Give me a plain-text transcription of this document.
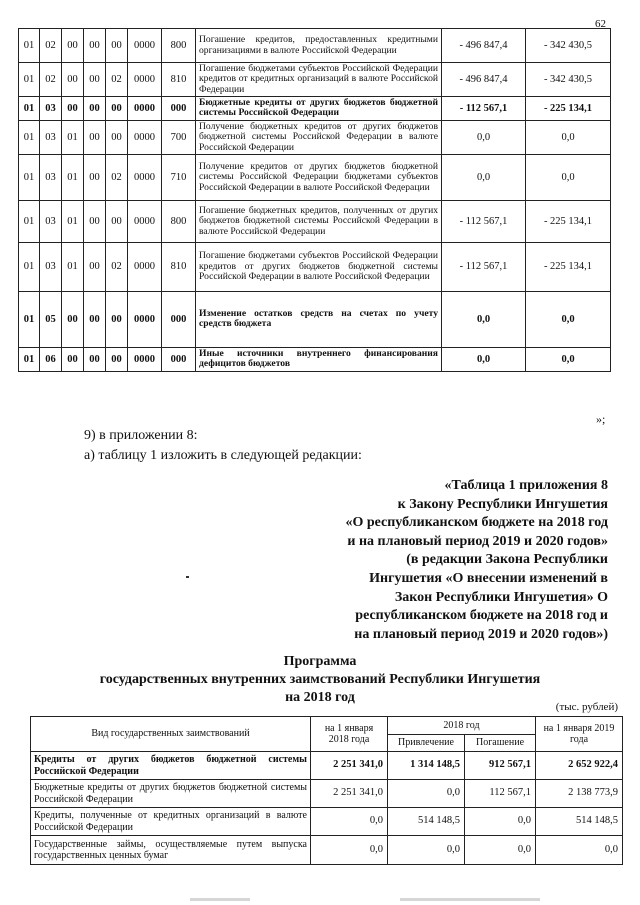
62
01	02	00	00	00	0000	800	Погашение кредитов, предоставленных кредитными организациями в валюте Российской Федерации	- 496 847,4	- 342 430,5
01	02	00	00	02	0000	810	Погашение бюджетами субъектов Российской Федерации кредитов от кредитных организаций в валюте Российской Федерации	- 496 847,4	- 342 430,5
01	03	00	00	00	0000	000	Бюджетные кредиты от других бюджетов бюджетной системы Российской Федерации	- 112 567,1	- 225 134,1
01	03	01	00	00	0000	700	Получение бюджетных кредитов от других бюджетов бюджетной системы Российской Федерации в валюте Российской Федерации	0,0	0,0
01	03	01	00	02	0000	710	Получение кредитов от других бюджетов бюджетной системы Российской Федерации бюджетами субъектов Российской Федерации в валюте Российской Федерации	0,0	0,0
01	03	01	00	00	0000	800	Погашение бюджетных кредитов, полученных от других бюджетов бюджетной системы Российской Федерации в валюте Российской Федерации	- 112 567,1	- 225 134,1
01	03	01	00	02	0000	810	Погашение бюджетами субъектов Российской Федерации кредитов от других бюджетов бюджетной системы Российской Федерации в валюте Российской Федерации	- 112 567,1	- 225 134,1
01	05	00	00	00	0000	000	Изменение остатков средств на счетах по учету средств бюджета	0,0	0,0
01	06	00	00	00	0000	000	Иные источники внутреннего финансирования дефицитов бюджетов	0,0	0,0
»;
9) в приложении 8:
а) таблицу 1 изложить в следующей редакции:
«Таблица 1 приложения 8
к Закону Республики Ингушетия
«О республиканском бюджете на 2018 год
и на плановый период 2019 и 2020 годов»
(в редакции Закона Республики
Ингушетия «О внесении изменений в
Закон Республики Ингушетия» О
республиканском бюджете на 2018 год и
на плановый период 2019 и 2020 годов»)
Программа
государственных внутренних заимствований Республики Ингушетия
на 2018 год
(тыс. рублей)
Вид государственных заимствований	на 1 января 2018 года	2018 год		на 1 января 2019 года
		Привлечение	Погашение	
Кредиты от других бюджетов бюджетной системы Российской Федерации	2 251 341,0	1 314 148,5	912 567,1	2 652 922,4
Бюджетные кредиты от других бюджетов бюджетной системы Российской Федерации	2 251 341,0	0,0	112 567,1	2 138 773,9
Кредиты, полученные от кредитных организаций в валюте Российской Федерации	0,0	514 148,5	0,0	514 148,5
Государственные займы, осуществляемые путем выпуска государственных ценных бумаг	0,0	0,0	0,0	0,0
